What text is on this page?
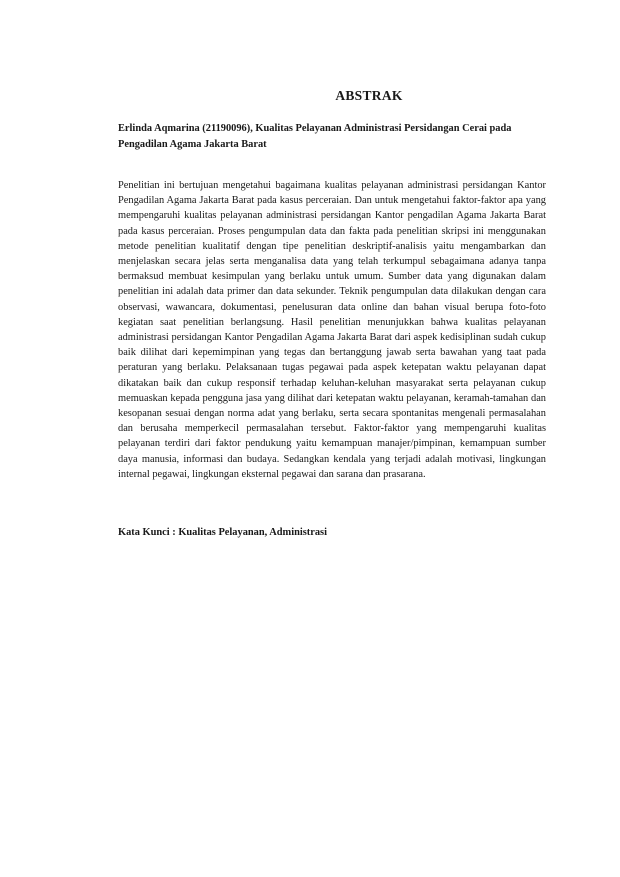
ABSTRAK
Erlinda Aqmarina (21190096), Kualitas Pelayanan Administrasi Persidangan Cerai pada Pengadilan Agama Jakarta Barat
Penelitian ini bertujuan mengetahui bagaimana kualitas pelayanan administrasi persidangan Kantor Pengadilan Agama Jakarta Barat pada kasus perceraian. Dan untuk mengetahui faktor-faktor apa yang mempengaruhi kualitas pelayanan administrasi persidangan Kantor pengadilan Agama Jakarta Barat pada kasus perceraian. Proses pengumpulan data dan fakta pada penelitian skripsi ini menggunakan metode penelitian kualitatif dengan tipe penelitian deskriptif-analisis yaitu mengambarkan dan menjelaskan secara jelas serta menganalisa data yang telah terkumpul sebagaimana adanya tanpa bermaksud membuat kesimpulan yang berlaku untuk umum. Sumber data yang digunakan dalam penelitian ini adalah data primer dan data sekunder. Teknik pengumpulan data dilakukan dengan cara observasi, wawancara, dokumentasi, penelusuran data online dan bahan visual berupa foto-foto kegiatan saat penelitian berlangsung. Hasil penelitian menunjukkan bahwa kualitas pelayanan administrasi persidangan Kantor Pengadilan Agama Jakarta Barat dari aspek kedisiplinan sudah cukup baik dilihat dari kepemimpinan yang tegas dan bertanggung jawab serta bawahan yang taat pada peraturan yang berlaku. Pelaksanaan tugas pegawai pada aspek ketepatan waktu pelayanan dapat dikatakan baik dan cukup responsif terhadap keluhan-keluhan masyarakat serta pelayanan cukup memuaskan kepada pengguna jasa yang dilihat dari ketepatan waktu pelayanan, keramah-tamahan dan kesopanan sesuai dengan norma adat yang berlaku, serta secara spontanitas mengenali permasalahan dan berusaha memperkecil permasalahan tersebut. Faktor-faktor yang mempengaruhi kualitas pelayanan terdiri dari faktor pendukung yaitu kemampuan manajer/pimpinan, kemampuan sumber daya manusia, informasi dan budaya. Sedangkan kendala yang terjadi adalah motivasi, lingkungan internal pegawai, lingkungan eksternal pegawai dan sarana dan prasarana.
Kata Kunci : Kualitas Pelayanan, Administrasi
